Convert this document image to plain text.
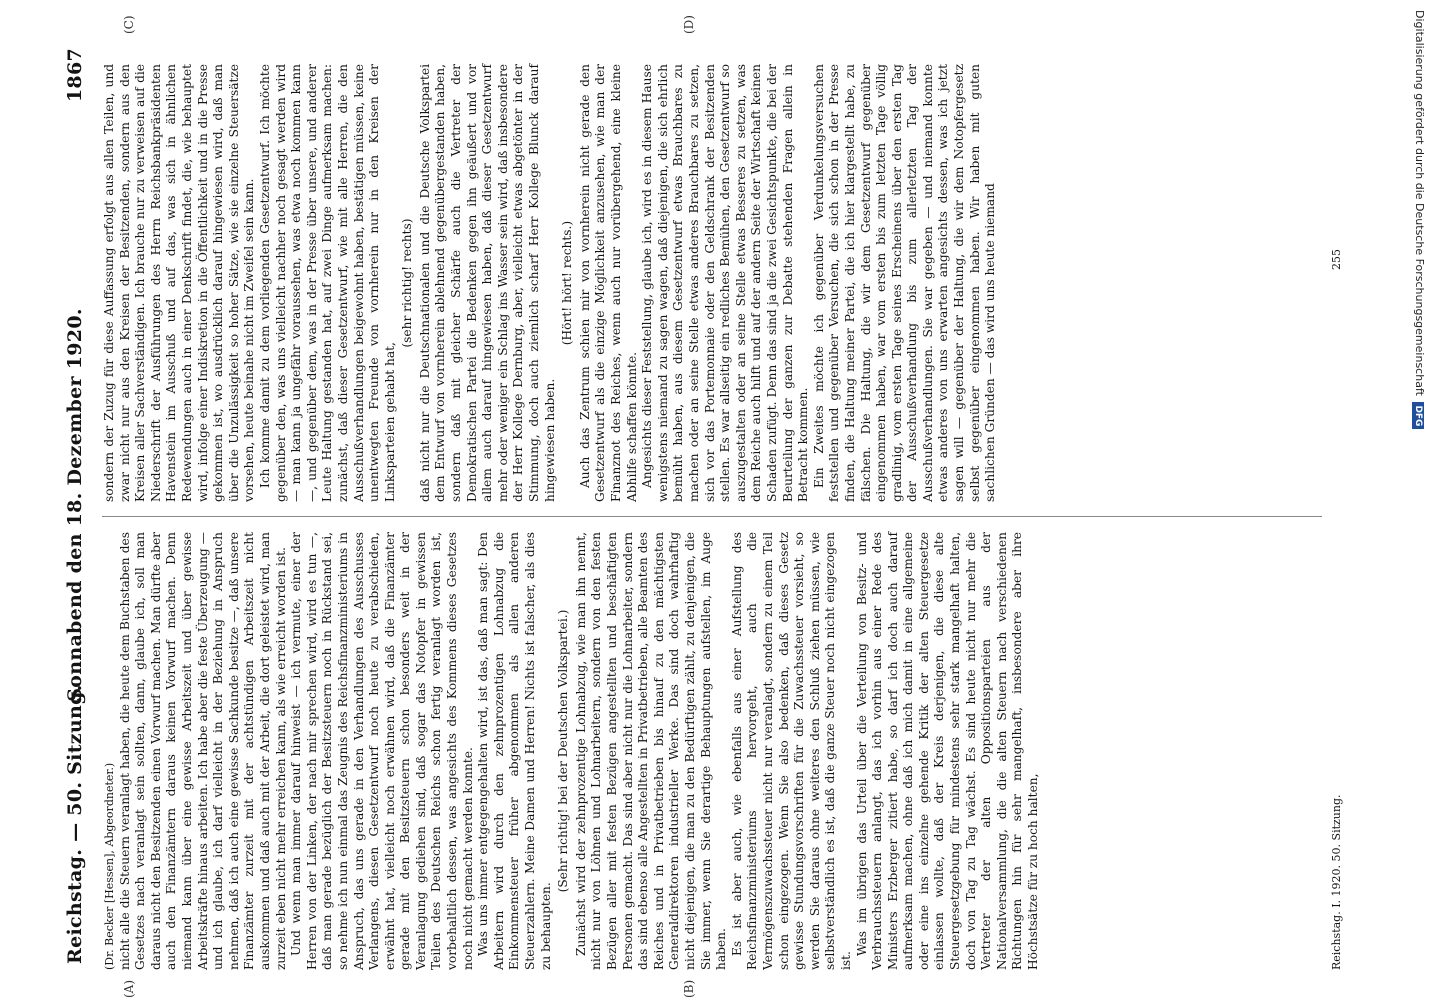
Reichstag. — 50. Sitzung.
Sonnabend den 18. Dezember 1920.
1867
(A)	(B)
(C)	(D)

(Dr. Becker [Hessen], Abgeordneter.) nicht alle die Steuern veranlagt haben, die heute dem Buchstaben des Gesetzes nach veranlagt sein sollten, dann, glaube ich, soll man daraus nicht den Besitzenden einen Vorwurf machen. Man dürfte aber auch den Finanzämtern daraus keinen Vorwurf machen. Denn niemand kann über eine gewisse Arbeitszeit und über gewisse Arbeitskräfte hinaus arbeiten. Ich habe aber die feste Überzeugung — und ich glaube, ich darf vielleicht in der Beziehung in Anspruch nehmen, daß ich auch eine gewisse Sachkunde besitze —, daß unsere Finanzämter zurzeit mit der achtstündigen Arbeitszeit nicht auskommen und daß auch mit der Arbeit, die dort geleistet wird, man zurzeit eben nicht mehr erreichen kann, als wie erreicht worden ist. Und wenn man immer darauf hinweist — ich vermute, einer der Herren von der Linken, der nach mir sprechen wird, wird es tun —, daß man gerade bezüglich der Besitzsteuern noch in Rückstand sei, so nehme ich nun einmal das Zeugnis des Reichsfinanzministeriums in Anspruch, das uns gerade in den Verhandlungen des Ausschusses Verlangens, diesen Gesetzentwurf noch heute zu verabschieden, erwähnt hat, vielleicht noch erwähnen wird, daß die Finanzämter gerade mit den Besitzsteuern schon besonders weit in der Veranlagung gediehen sind, daß sogar das Notopfer in gewissen Teilen des Deutschen Reichs schon fertig veranlagt worden ist, vorbehaltlich dessen, was angesichts des Kommens dieses Gesetzes noch nicht gemacht werden konnte. Was uns immer entgegengehalten wird, ist das, daß man sagt: Den Arbeitern wird durch den zehnprozentigen Lohnabzug die Einkommensteuer früher abgenommen als allen anderen Steuerzahlern. Meine Damen und Herren! Nichts ist falscher, als dies zu behaupten.

(Sehr richtig! bei der Deutschen Volkspartei.) Zunächst wird der zehnprozentige Lohnabzug, wie man ihn nennt, nicht nur von Löhnen und Lohnarbeitern, sondern von den festen Bezügen aller mit festen Bezügen angestellten und beschäftigten Personen gemacht. Das sind aber nicht nur die Lohnarbeiter, sondern das sind ebenso alle Angestellten in Privatbetrieben, alle Beamten des Reiches und in Privatbetrieben bis hinauf zu den mächtigsten Generaldirektoren industrieller Werke. Das sind doch wahrhaftig nicht diejenigen, die man zu den Bedürftigen zählt, zu denjenigen, die Sie immer, wenn Sie derartige Behauptungen aufstellen, im Auge haben. Es ist aber auch, wie ebenfalls aus einer Aufstellung des Reichsfinanzministeriums hervorgeht, auch die Vermögenszuwachssteuer nicht nur veranlagt, sondern zu einem Teil schon eingezogen. Wenn Sie also bedenken, daß dieses Gesetz gewisse Stundungsvorschriften für die Zuwachssteuer vorsieht, so werden Sie daraus ohne weiteres den Schluß ziehen müssen, wie selbstverständlich es ist, daß die ganze Steuer noch nicht eingezogen ist.

Was im übrigen das Urteil über die Verteilung von Besitz- und Verbrauchssteuern anlangt, das ich vorhin aus einer Rede des Ministers Erzberger zitiert habe, so darf ich doch auch darauf aufmerksam machen, ohne daß ich mich damit in eine allgemeine oder eine ins einzelne gehende Kritik der alten Steuergesetze einlassen wollte, daß der Kreis derjenigen, die diese alte Steuergesetzgebung für mindestens sehr stark mangelhaft halten, doch von Tag zu Tag wächst. Es sind heute nicht nur mehr die Vertreter der alten Oppositionsparteien aus der Nationalversammlung, die die alten Steuern nach verschiedenen Richtungen hin für sehr mangelhaft, insbesondere aber ihre Höchstsätze für zu hoch halten,

sondern der Zuzug für diese Auffassung erfolgt aus allen Teilen, und zwar nicht nur aus den Kreisen der Besitzenden, sondern aus den Kreisen aller Sachverständigen. Ich brauche nur zu verweisen auf die Niederschrift der Ausführungen des Herrn Reichsbankpräsidenten Havenstein im Ausschuß und auf das, was sich in ähnlichen Redewendungen auch in einer Denkschrift findet, die, wie behauptet wird, infolge einer Indiskretion in die Öffentlichkeit und in die Presse gekommen ist, wo ausdrücklich darauf hingewiesen wird, daß man über die Unzulässigkeit so hoher Sätze, wie sie einzelne Steuersätze vorsehen, heute beinahe nicht im Zweifel sein kann. Ich komme damit zu dem vorliegenden Gesetzentwurf. Ich möchte gegenüber den, was uns vielleicht nachher noch gesagt werden wird — man kann ja ungefähr voraussehen, was etwa noch kommen kann —, und gegenüber dem, was in der Presse über unsere, und anderer Leute Haltung gestanden hat, auf zwei Dinge aufmerksam machen: zunächst, daß dieser Gesetzentwurf, wie mit alle Herren, die den Ausschußverhandlungen beigewohnt haben, bestätigen müssen, keine unentwegten Freunde von vornherein nur in den Kreisen der Linksparteien gehabt hat,

(sehr richtig! rechts) daß nicht nur die Deutschnationalen und die Deutsche Volkspartei dem Entwurf von vornherein ablehnend gegenübergestanden haben, sondern daß mit gleicher Schärfe auch die Vertreter der Demokratischen Partei die Bedenken gegen ihn geäußert und vor allem auch darauf hingewiesen haben, daß dieser Gesetzentwurf mehr oder weniger ein Schlag ins Wasser sein wird, daß insbesondere der Herr Kollege Dernburg, aber, vielleicht etwas abgetönter in der Stimmung, doch auch ziemlich scharf Herr Kollege Blunck darauf hingewiesen haben.

(Hört! hört! rechts.) Auch das Zentrum schien mir von vornherein nicht gerade den Gesetzentwurf als die einzige Möglichkeit anzusehen, wie man der Finanznot des Reiches, wenn auch nur vorübergehend, eine kleine Abhilfe schaffen könnte. Angesichts dieser Feststellung, glaube ich, wird es in diesem Hause wenigstens niemand zu sagen wagen, daß diejenigen, die sich ehrlich bemüht haben, aus diesem Gesetzentwurf etwas Brauchbares zu machen oder an seine Stelle etwas anderes Brauchbares zu setzen, sich vor das Portemonnaie oder den Geldschrank der Besitzenden stellen. Es war allseitig ein redliches Bemühen, den Gesetzentwurf so auszugestalten oder an seine Stelle etwas Besseres zu setzen, was dem Reiche auch hilft und auf der andern Seite der Wirtschaft keinen Schaden zufügt. Denn das sind ja die zwei Gesichtspunkte, die bei der Beurteilung der ganzen zur Debatte stehenden Fragen allein in Betracht kommen. Ein Zweites möchte ich gegenüber Verdunkelungsversuchen feststellen und gegenüber Versuchen, die sich schon in der Presse finden, die Haltung meiner Partei, die ich hier klargestellt habe, zu fälschen. Die Haltung, die wir dem Gesetzentwurf gegenüber eingenommen haben, war vom ersten bis zum letzten Tage völlig gradlinig, vom ersten Tage seines Erscheinens über den ersten Tag der Ausschußverhandlung bis zum allerletzten Tag der Ausschußverhandlungen. Sie war gegeben — und niemand konnte etwas anderes von uns erwarten angesichts dessen, was ich jetzt sagen will — gegenüber der Haltung, die wir dem Notopfergesetz selbst gegenüber eingenommen haben. Wir haben mit guten sachlichen Gründen — das wird uns heute niemand

Reichstag. I. 1920. 50. Sitzung.
255	Digitalisierung gefördert durch die Deutsche Forschungsgemeinschaft DFG
